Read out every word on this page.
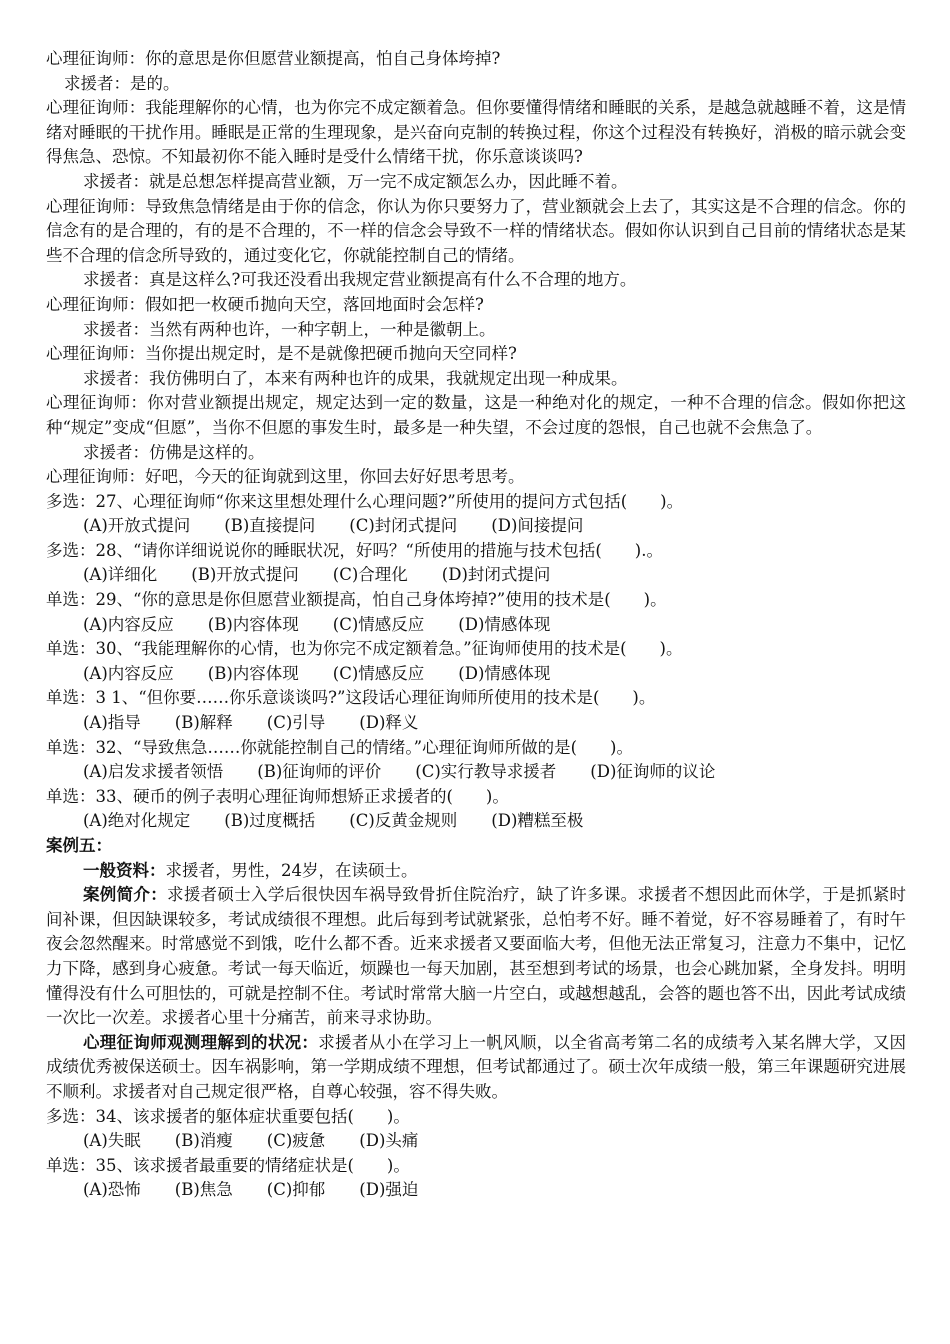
心理征询师：你的意思是你但愿营业额提高，怕自己身体垮掉?

求援者：是的。

心理征询师：我能理解你的心情，也为你完不成定额着急。但你要懂得情绪和睡眠的关系，是越急就越睡不着，这是情绪对睡眠的干扰作用。睡眠是正常的生理现象，是兴奋向克制的转换过程，你这个过程没有转换好，消极的暗示就会变得焦急、恐惊。不知最初你不能入睡时是受什么情绪干扰，你乐意谈谈吗?

求援者：就是总想怎样提高营业额，万一完不成定额怎么办，因此睡不着。

心理征询师：导致焦急情绪是由于你的信念，你认为你只要努力了，营业额就会上去了，其实这是不合理的信念。你的信念有的是合理的，有的是不合理的，不一样的信念会导致不一样的情绪状态。假如你认识到自己目前的情绪状态是某些不合理的信念所导致的，通过变化它，你就能控制自己的情绪。

求援者：真是这样么?可我还没看出我规定营业额提高有什么不合理的地方。

心理征询师：假如把一枚硬币抛向天空，落回地面时会怎样?

求援者：当然有两种也许，一种字朝上，一种是徽朝上。

心理征询师：当你提出规定时，是不是就像把硬币抛向天空同样?

求援者：我仿佛明白了，本来有两种也许的成果，我就规定出现一种成果。

心理征询师：你对营业额提出规定，规定达到一定的数量，这是一种绝对化的规定，一种不合理的信念。假如你把这种“规定”变成“但愿”，当你不但愿的事发生时，最多是一种失望，不会过度的怨恨，自己也就不会焦急了。

求援者：仿佛是这样的。

心理征询师：好吧，今天的征询就到这里，你回去好好思考思考。

多选：27、心理征询师“你来这里想处理什么心理问题?”所使用的提问方式包括(　　)。

(A)开放式提问 (B)直接提问 (C)封闭式提问 (D)间接提问

多选：28、“请你详细说说你的睡眠状况，好吗？“所使用的措施与技术包括(　　).。

(A)详细化 (B)开放式提问 (C)合理化 (D)封闭式提问

单选：29、“你的意思是你但愿营业额提高，怕自己身体垮掉?”使用的技术是(　　)。

(A)内容反应 (B)内容体现 (C)情感反应 (D)情感体现

单选：30、“我能理解你的心情，也为你完不成定额着急。”征询师使用的技术是(　　)。

(A)内容反应 (B)内容体现 (C)情感反应 (D)情感体现

单选：3 1、“但你要……你乐意谈谈吗?”这段话心理征询师所使用的技术是(　　)。

(A)指导 (B)解释 (C)引导 (D)释义

单选：32、“导致焦急……你就能控制自己的情绪。”心理征询师所做的是(　　)。

(A)启发求援者领悟 (B)征询师的评价 (C)实行教导求援者 (D)征询师的议论

单选：33、硬币的例子表明心理征询师想矫正求援者的(　　)。

(A)绝对化规定 (B)过度概括 (C)反黄金规则 (D)糟糕至极

案例五：

一般资料：求援者，男性，24岁，在读硕士。

案例简介：求援者硕士入学后很快因车祸导致骨折住院治疗，缺了许多课。求援者不想因此而休学，于是抓紧时间补课，但因缺课较多，考试成绩很不理想。此后每到考试就紧张，总怕考不好。睡不着觉，好不容易睡着了，有时午夜会忽然醒来。时常感觉不到饿，吃什么都不香。近来求援者又要面临大考，但他无法正常复习，注意力不集中，记忆力下降，感到身心疲惫。考试一每天临近，烦躁也一每天加剧，甚至想到考试的场景，也会心跳加紧，全身发抖。明明懂得没有什么可胆怯的，可就是控制不住。考试时常常大脑一片空白，或越想越乱，会答的题也答不出，因此考试成绩一次比一次差。求援者心里十分痛苦，前来寻求协助。

心理征询师观测理解到的状况：求援者从小在学习上一帆风顺，以全省高考第二名的成绩考入某名牌大学，又因成绩优秀被保送硕士。因车祸影响，第一学期成绩不理想，但考试都通过了。硕士次年成绩一般，第三年课题研究进展不顺利。求援者对自己规定很严格，自尊心较强，容不得失败。

多选：34、该求援者的躯体症状重要包括(　　)。

(A)失眠 (B)消瘦 (C)疲惫 (D)头痛

单选：35、该求援者最重要的情绪症状是(　　)。

(A)恐怖 (B)焦急 (C)抑郁 (D)强迫
